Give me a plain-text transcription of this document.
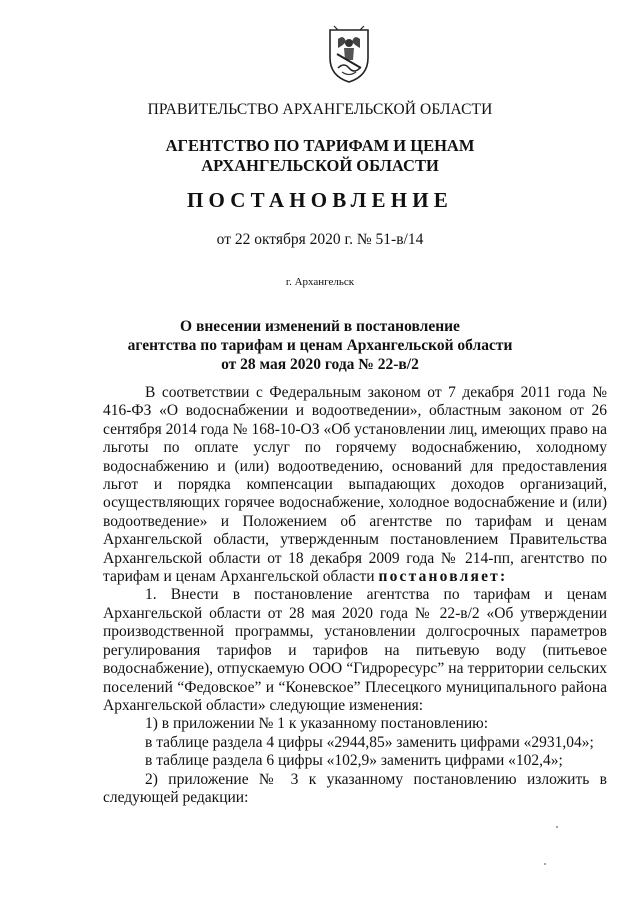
ПРАВИТЕЛЬСТВО АРХАНГЕЛЬСКОЙ ОБЛАСТИ
АГЕНТСТВО ПО ТАРИФАМ И ЦЕНАМ
АРХАНГЕЛЬСКОЙ ОБЛАСТИ
ПОСТАНОВЛЕНИЕ
от 22 октября 2020 г. № 51-в/14
г. Архангельск
О внесении изменений в постановление
агентства по тарифам и ценам Архангельской области
от 28 мая 2020 года № 22-в/2

В соответствии с Федеральным законом от 7 декабря 2011 года № 416-ФЗ «О водоснабжении и водоотведении», областным законом от 26 сентября 2014 года № 168-10-ОЗ «Об установлении лиц, имеющих право на льготы по оплате услуг по горячему водоснабжению, холодному водоснабжению и (или) водоотведению, оснований для предоставления льгот и порядка компенсации выпадающих доходов организаций, осуществляющих горячее водоснабжение, холодное водоснабжение и (или) водоотведение» и Положением об агентстве по тарифам и ценам Архангельской области, утвержденным постановлением Правительства Архангельской области от 18 декабря 2009 года № 214-пп, агентство по тарифам и ценам Архангельской области постановляет:

1. Внести в постановление агентства по тарифам и ценам Архангельской области от 28 мая 2020 года № 22-в/2 «Об утверждении производственной программы, установлении долгосрочных параметров регулирования тарифов и тарифов на питьевую воду (питьевое водоснабжение), отпускаемую ООО “Гидроресурс” на территории сельских поселений “Федовское” и “Коневское” Плесецкого муниципального района Архангельской области» следующие изменения:

1) в приложении № 1 к указанному постановлению:

в таблице раздела 4 цифры «2944,85» заменить цифрами «2931,04»;

в таблице раздела 6 цифры «102,9» заменить цифрами «102,4»;

2) приложение № 3 к указанному постановлению изложить в следующей редакции:
